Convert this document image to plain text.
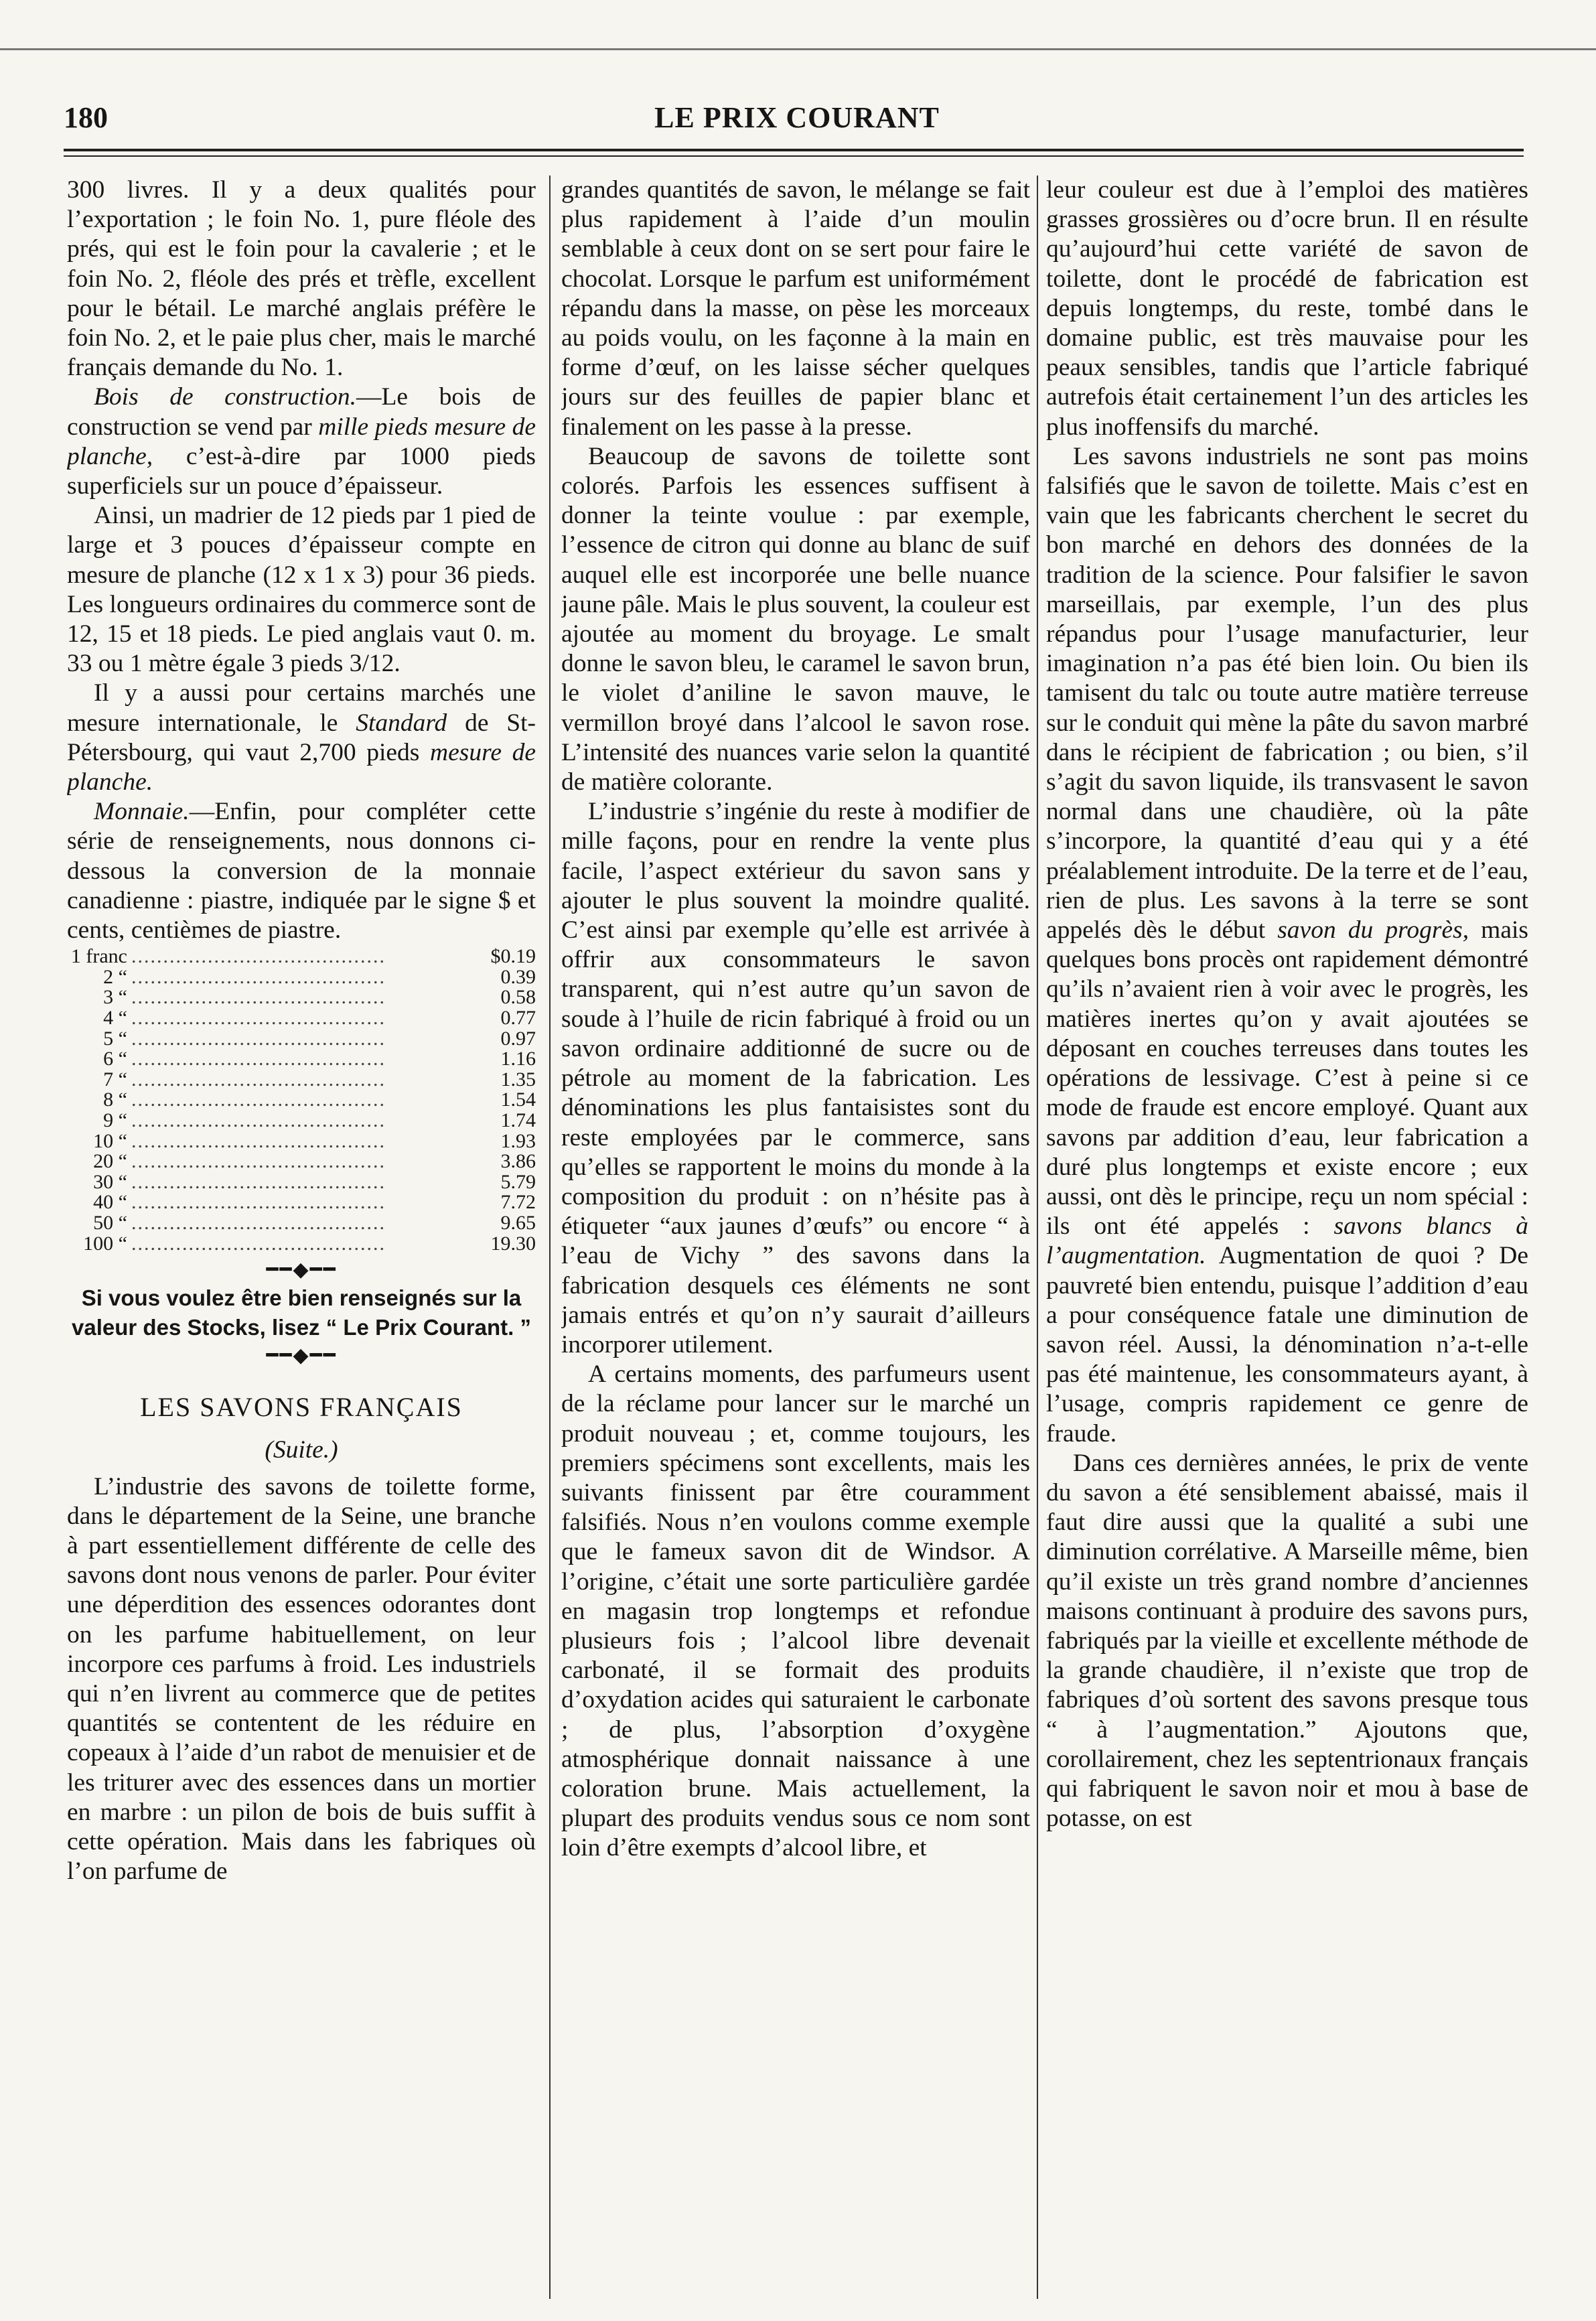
180	LE PRIX COURANT

300 livres. Il y a deux qualités pour l’exportation ; le foin No. 1, pure fléole des prés, qui est le foin pour la cavalerie ; et le foin No. 2, fléole des prés et trèfle, excellent pour le bétail. Le marché anglais préfère le foin No. 2, et le paie plus cher, mais le marché français demande du No. 1.

Bois de construction.—Le bois de construction se vend par mille pieds mesure de planche, c’est-à-dire par 1000 pieds superficiels sur un pouce d’épaisseur.

Ainsi, un madrier de 12 pieds par 1 pied de large et 3 pouces d’épaisseur compte en mesure de planche (12 x 1 x 3) pour 36 pieds. Les longueurs ordinaires du commerce sont de 12, 15 et 18 pieds. Le pied anglais vaut 0. m. 33 ou 1 mètre égale 3 pieds 3/12.

Il y a aussi pour certains marchés une mesure internationale, le Standard de St-Pétersbourg, qui vaut 2,700 pieds mesure de planche.

Monnaie.—Enfin, pour compléter cette série de renseignements, nous donnons ci-dessous la conversion de la monnaie canadienne : piastre, indiquée par le signe $ et cents, centièmes de piastre.

1 franc ........................................	$0.19
2 “ ........................................	0.39
3 “ ........................................	0.58
4 “ ........................................	0.77
5 “ ........................................	0.97
6 “ ........................................	1.16
7 “ ........................................	1.35
8 “ ........................................	1.54
9 “ ........................................	1.74
10 “ ........................................	1.93
20 “ ........................................	3.86
30 “ ........................................	5.79
40 “ ........................................	7.72
50 “ ........................................	9.65
100 “ ........................................	19.30
━━◆━━

Si vous voulez être bien renseignés sur la valeur des Stocks, lisez “ Le Prix Courant. ”

━━◆━━
LES SAVONS FRANÇAIS
(Suite.)

L’industrie des savons de toilette forme, dans le département de la Seine, une branche à part essentiellement différente de celle des savons dont nous venons de parler. Pour éviter une déperdition des essences odorantes dont on les parfume habituellement, on leur incorpore ces parfums à froid. Les industriels qui n’en livrent au commerce que de petites quantités se contentent de les réduire en copeaux à l’aide d’un rabot de menuisier et de les triturer avec des essences dans un mortier en marbre : un pilon de bois de buis suffit à cette opération. Mais dans les fabriques où l’on parfume de

grandes quantités de savon, le mélange se fait plus rapidement à l’aide d’un moulin semblable à ceux dont on se sert pour faire le chocolat. Lorsque le parfum est uniformément répandu dans la masse, on pèse les morceaux au poids voulu, on les façonne à la main en forme d’œuf, on les laisse sécher quelques jours sur des feuilles de papier blanc et finalement on les passe à la presse.

Beaucoup de savons de toilette sont colorés. Parfois les essences suffisent à donner la teinte voulue : par exemple, l’essence de citron qui donne au blanc de suif auquel elle est incorporée une belle nuance jaune pâle. Mais le plus souvent, la couleur est ajoutée au moment du broyage. Le smalt donne le savon bleu, le caramel le savon brun, le violet d’aniline le savon mauve, le vermillon broyé dans l’alcool le savon rose. L’intensité des nuances varie selon la quantité de matière colorante.

L’industrie s’ingénie du reste à modifier de mille façons, pour en rendre la vente plus facile, l’aspect extérieur du savon sans y ajouter le plus souvent la moindre qualité. C’est ainsi par exemple qu’elle est arrivée à offrir aux consommateurs le savon transparent, qui n’est autre qu’un savon de soude à l’huile de ricin fabriqué à froid ou un savon ordinaire additionné de sucre ou de pétrole au moment de la fabrication. Les dénominations les plus fantaisistes sont du reste employées par le commerce, sans qu’elles se rapportent le moins du monde à la composition du produit : on n’hésite pas à étiqueter “aux jaunes d’œufs” ou encore “ à l’eau de Vichy ” des savons dans la fabrication desquels ces éléments ne sont jamais entrés et qu’on n’y saurait d’ailleurs incorporer utilement.

A certains moments, des parfumeurs usent de la réclame pour lancer sur le marché un produit nouveau ; et, comme toujours, les premiers spécimens sont excellents, mais les suivants finissent par être couramment falsifiés. Nous n’en voulons comme exemple que le fameux savon dit de Windsor. A l’origine, c’était une sorte particulière gardée en magasin trop longtemps et refondue plusieurs fois ; l’alcool libre devenait carbonaté, il se formait des produits d’oxydation acides qui saturaient le carbonate ; de plus, l’absorption d’oxygène atmosphérique donnait naissance à une coloration brune. Mais actuellement, la plupart des produits vendus sous ce nom sont loin d’être exempts d’alcool libre, et

leur couleur est due à l’emploi des matières grasses grossières ou d’ocre brun. Il en résulte qu’aujourd’hui cette variété de savon de toilette, dont le procédé de fabrication est depuis longtemps, du reste, tombé dans le domaine public, est très mauvaise pour les peaux sensibles, tandis que l’article fabriqué autrefois était certainement l’un des articles les plus inoffensifs du marché.

Les savons industriels ne sont pas moins falsifiés que le savon de toilette. Mais c’est en vain que les fabricants cherchent le secret du bon marché en dehors des données de la tradition de la science. Pour falsifier le savon marseillais, par exemple, l’un des plus répandus pour l’usage manufacturier, leur imagination n’a pas été bien loin. Ou bien ils tamisent du talc ou toute autre matière terreuse sur le conduit qui mène la pâte du savon marbré dans le récipient de fabrication ; ou bien, s’il s’agit du savon liquide, ils transvasent le savon normal dans une chaudière, où la pâte s’incorpore, la quantité d’eau qui y a été préalablement introduite. De la terre et de l’eau, rien de plus. Les savons à la terre se sont appelés dès le début savon du progrès, mais quelques bons procès ont rapidement démontré qu’ils n’avaient rien à voir avec le progrès, les matières inertes qu’on y avait ajoutées se déposant en couches terreuses dans toutes les opérations de lessivage. C’est à peine si ce mode de fraude est encore employé. Quant aux savons par addition d’eau, leur fabrication a duré plus longtemps et existe encore ; eux aussi, ont dès le principe, reçu un nom spécial : ils ont été appelés : savons blancs à l’augmentation. Augmentation de quoi ? De pauvreté bien entendu, puisque l’addition d’eau a pour conséquence fatale une diminution de savon réel. Aussi, la dénomination n’a-t-elle pas été maintenue, les consommateurs ayant, à l’usage, compris rapidement ce genre de fraude.

Dans ces dernières années, le prix de vente du savon a été sensiblement abaissé, mais il faut dire aussi que la qualité a subi une diminution corrélative. A Marseille même, bien qu’il existe un très grand nombre d’anciennes maisons continuant à produire des savons purs, fabriqués par la vieille et excellente méthode de la grande chaudière, il n’existe que trop de fabriques d’où sortent des savons presque tous “ à l’augmentation.” Ajoutons que, corollairement, chez les septentrionaux français qui fabriquent le savon noir et mou à base de potasse, on est
